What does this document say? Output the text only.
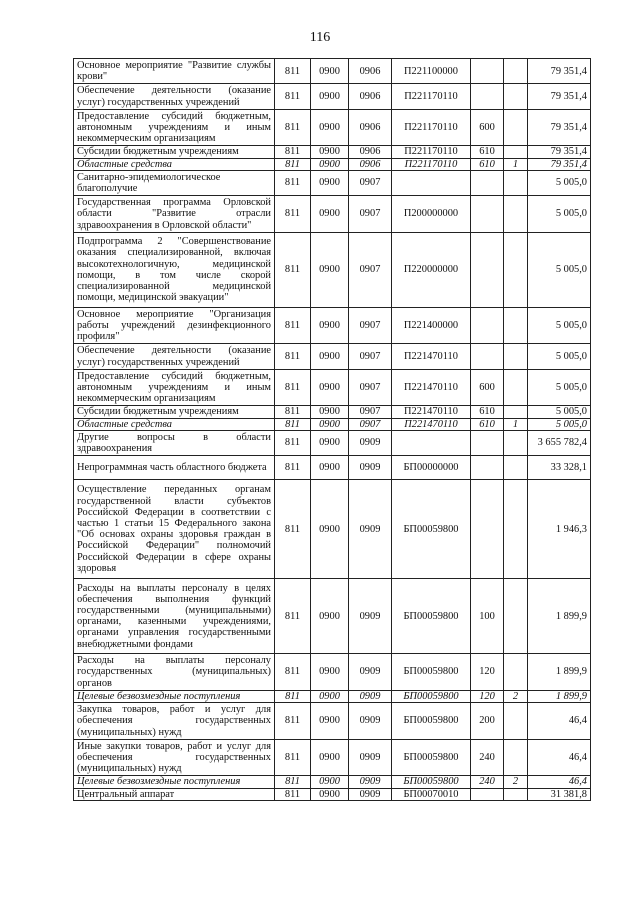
116
Основное мероприятие "Развитие службы крови"	811	0900	0906	П221100000			79 351,4
Обеспечение деятельности (оказание услуг) государственных учреждений	811	0900	0906	П221170110			79 351,4
Предоставление субсидий бюджетным, автономным учреждениям и иным некоммерческим организациям	811	0900	0906	П221170110	600		79 351,4
Субсидии бюджетным учреждениям	811	0900	0906	П221170110	610		79 351,4
Областные средства	811	0900	0906	П221170110	610	1	79 351,4
Санитарно-эпидемиологическое благополучие	811	0900	0907				5 005,0
Государственная программа Орловской области "Развитие отрасли здравоохранения в Орловской области"	811	0900	0907	П200000000			5 005,0
Подпрограмма 2 "Совершенствование оказания специализированной, включая высокотехнологичную, медицинской помощи, в том числе скорой специализированной медицинской помощи, медицинской эвакуации"	811	0900	0907	П220000000			5 005,0
Основное мероприятие "Организация работы учреждений дезинфекционного профиля"	811	0900	0907	П221400000			5 005,0
Обеспечение деятельности (оказание услуг) государственных учреждений	811	0900	0907	П221470110			5 005,0
Предоставление субсидий бюджетным, автономным учреждениям и иным некоммерческим организациям	811	0900	0907	П221470110	600		5 005,0
Субсидии бюджетным учреждениям	811	0900	0907	П221470110	610		5 005,0
Областные средства	811	0900	0907	П221470110	610	1	5 005,0
Другие вопросы в области здравоохранения	811	0900	0909				3 655 782,4
Непрограммная часть областного бюджета	811	0900	0909	БП00000000			33 328,1
Осуществление переданных органам государственной власти субъектов Российской Федерации в соответствии с частью 1 статьи 15 Федерального закона "Об основах охраны здоровья граждан в Российской Федерации" полномочий Российской Федерации в сфере охраны здоровья	811	0900	0909	БП00059800			1 946,3
Расходы на выплаты персоналу в целях обеспечения выполнения функций государственными (муниципальными) органами, казенными учреждениями, органами управления государственными внебюджетными фондами	811	0900	0909	БП00059800	100		1 899,9
Расходы на выплаты персоналу государственных (муниципальных) органов	811	0900	0909	БП00059800	120		1 899,9
Целевые безвозмездные поступления	811	0900	0909	БП00059800	120	2	1 899,9
Закупка товаров, работ и услуг для обеспечения государственных (муниципальных) нужд	811	0900	0909	БП00059800	200		46,4
Иные закупки товаров, работ и услуг для обеспечения государственных (муниципальных) нужд	811	0900	0909	БП00059800	240		46,4
Целевые безвозмездные поступления	811	0900	0909	БП00059800	240	2	46,4
Центральный аппарат	811	0900	0909	БП00070010			31 381,8
